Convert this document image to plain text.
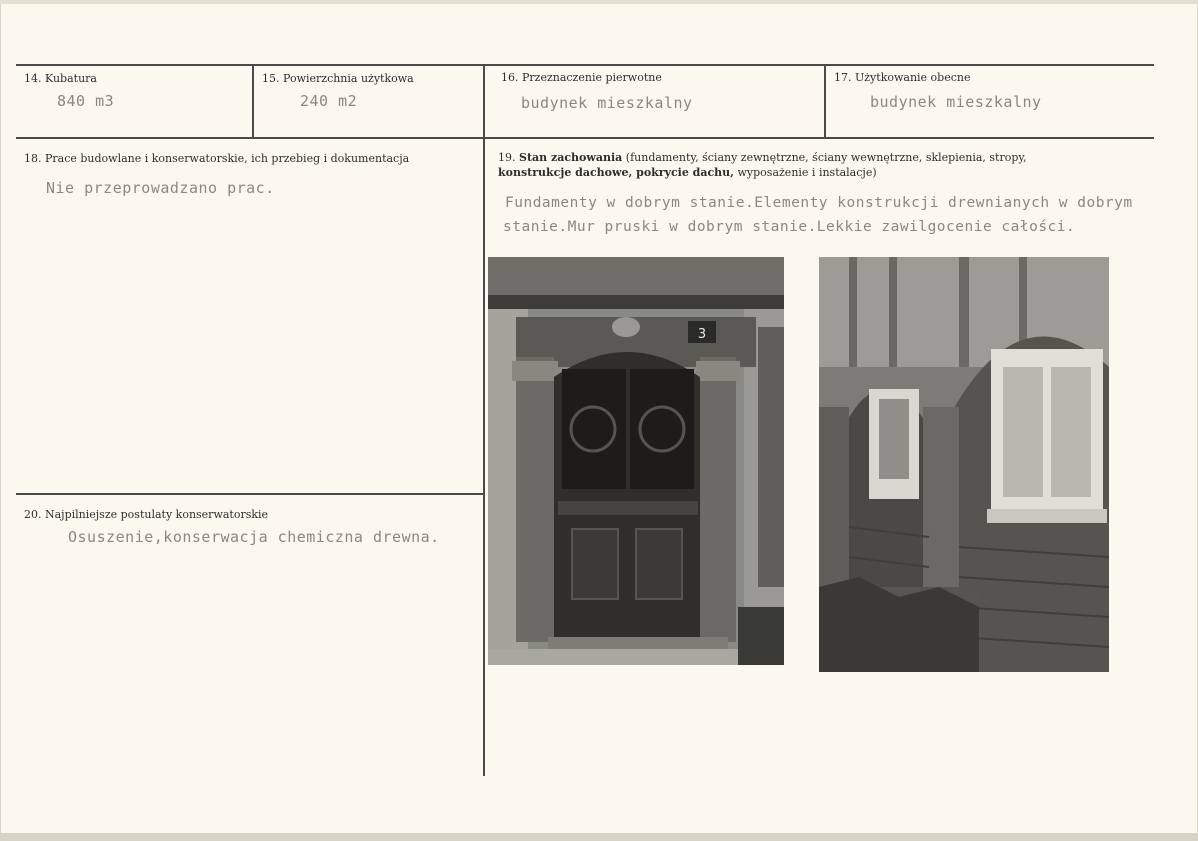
14. Kubatura
840 m3
15. Powierzchnia użytkowa
240 m2
16. Przeznaczenie pierwotne
budynek mieszkalny
17. Użytkowanie obecne
budynek mieszkalny
18. Prace budowlane i konserwatorskie, ich przebieg i dokumentacja
Nie przeprowadzano prac.
19. Stan zachowania (fundamenty, ściany zewnętrzne, ściany wewnętrzne, sklepienia, stropy,
konstrukcje dachowe, pokrycie dachu, wyposażenie i instalacje)
Fundamenty w dobrym stanie.Elementy konstrukcji drewnianych w dobrym
stanie.Mur pruski w dobrym stanie.Lekkie zawilgocenie całości.
20. Najpilniejsze postulaty konserwatorskie
Osuszenie,konserwacja chemiczna drewna.
3
